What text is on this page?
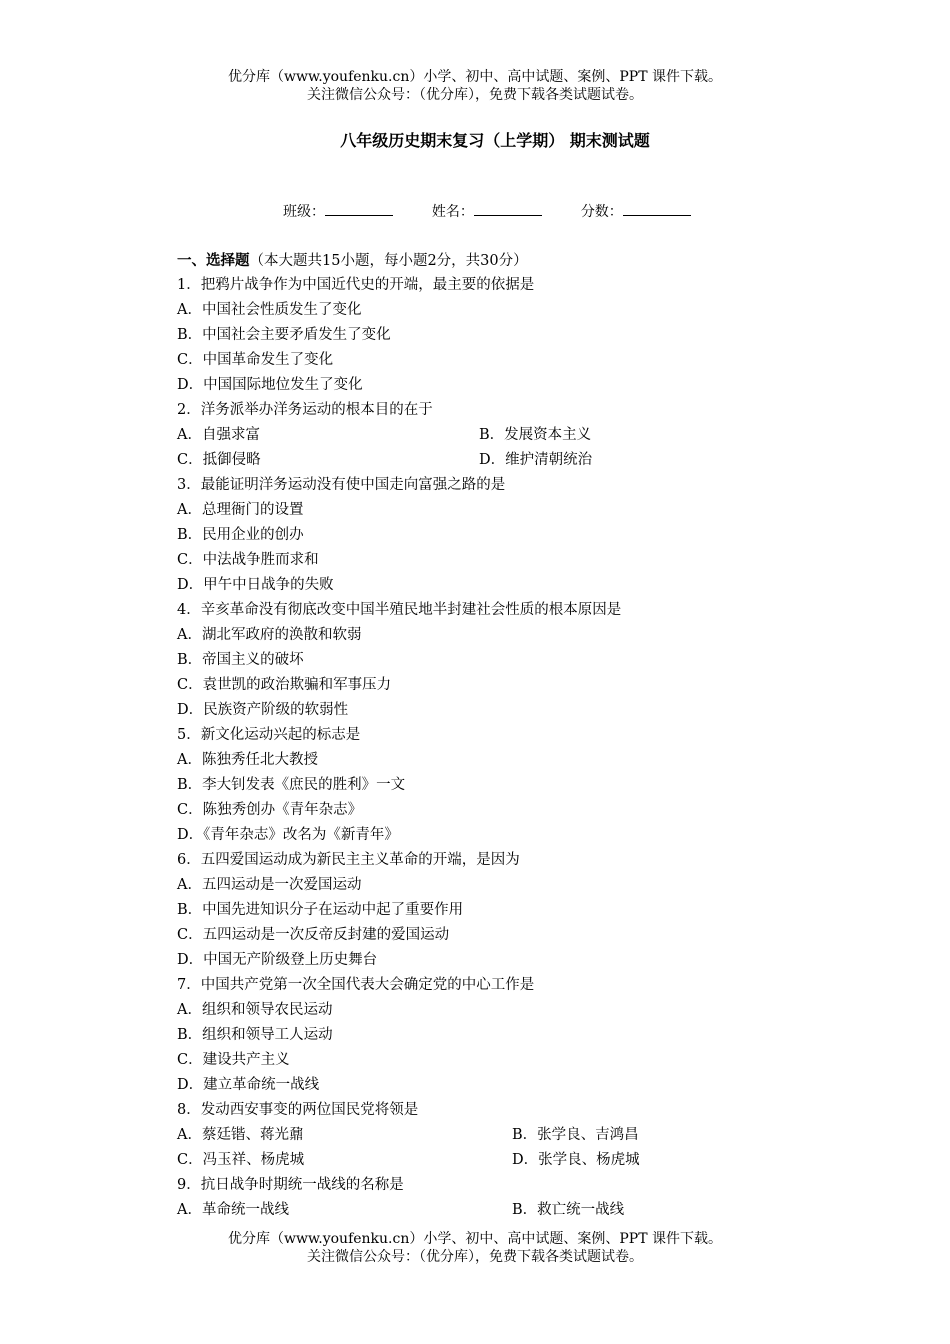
优分库（www.youfenku.cn）小学、初中、高中试题、案例、PPT 课件下载。
关注微信公众号：（优分库），免费下载各类试题试卷。
八年级历史期末复习（上学期） 期末测试题
班级：	姓名：	分数：
一、选择题（本大题共15小题，每小题2分，共30分）
1．把鸦片战争作为中国近代史的开端，最主要的依据是
A．中国社会性质发生了变化
B．中国社会主要矛盾发生了变化
C．中国革命发生了变化
D．中国国际地位发生了变化
2．洋务派举办洋务运动的根本目的在于
A．自强求富	B．发展资本主义
C．抵御侵略	D．维护清朝统治
3．最能证明洋务运动没有使中国走向富强之路的是
A．总理衙门的设置
B．民用企业的创办
C．中法战争胜而求和
D．甲午中日战争的失败
4．辛亥革命没有彻底改变中国半殖民地半封建社会性质的根本原因是
A．湖北军政府的涣散和软弱
B．帝国主义的破坏
C．袁世凯的政治欺骗和军事压力
D．民族资产阶级的软弱性
5．新文化运动兴起的标志是
A．陈独秀任北大教授
B．李大钊发表《庶民的胜利》一文
C．陈独秀创办《青年杂志》
D．《青年杂志》改名为《新青年》
6．五四爱国运动成为新民主主义革命的开端，是因为
A．五四运动是一次爱国运动
B．中国先进知识分子在运动中起了重要作用
C．五四运动是一次反帝反封建的爱国运动
D．中国无产阶级登上历史舞台
7．中国共产党第一次全国代表大会确定党的中心工作是
A．组织和领导农民运动
B．组织和领导工人运动
C．建设共产主义
D．建立革命统一战线
8．发动西安事变的两位国民党将领是
A．蔡廷锴、蒋光鼐	B．张学良、吉鸿昌
C．冯玉祥、杨虎城	D．张学良、杨虎城
9．抗日战争时期统一战线的名称是
A．革命统一战线	B．救亡统一战线
优分库（www.youfenku.cn）小学、初中、高中试题、案例、PPT 课件下载。
关注微信公众号：（优分库），免费下载各类试题试卷。
